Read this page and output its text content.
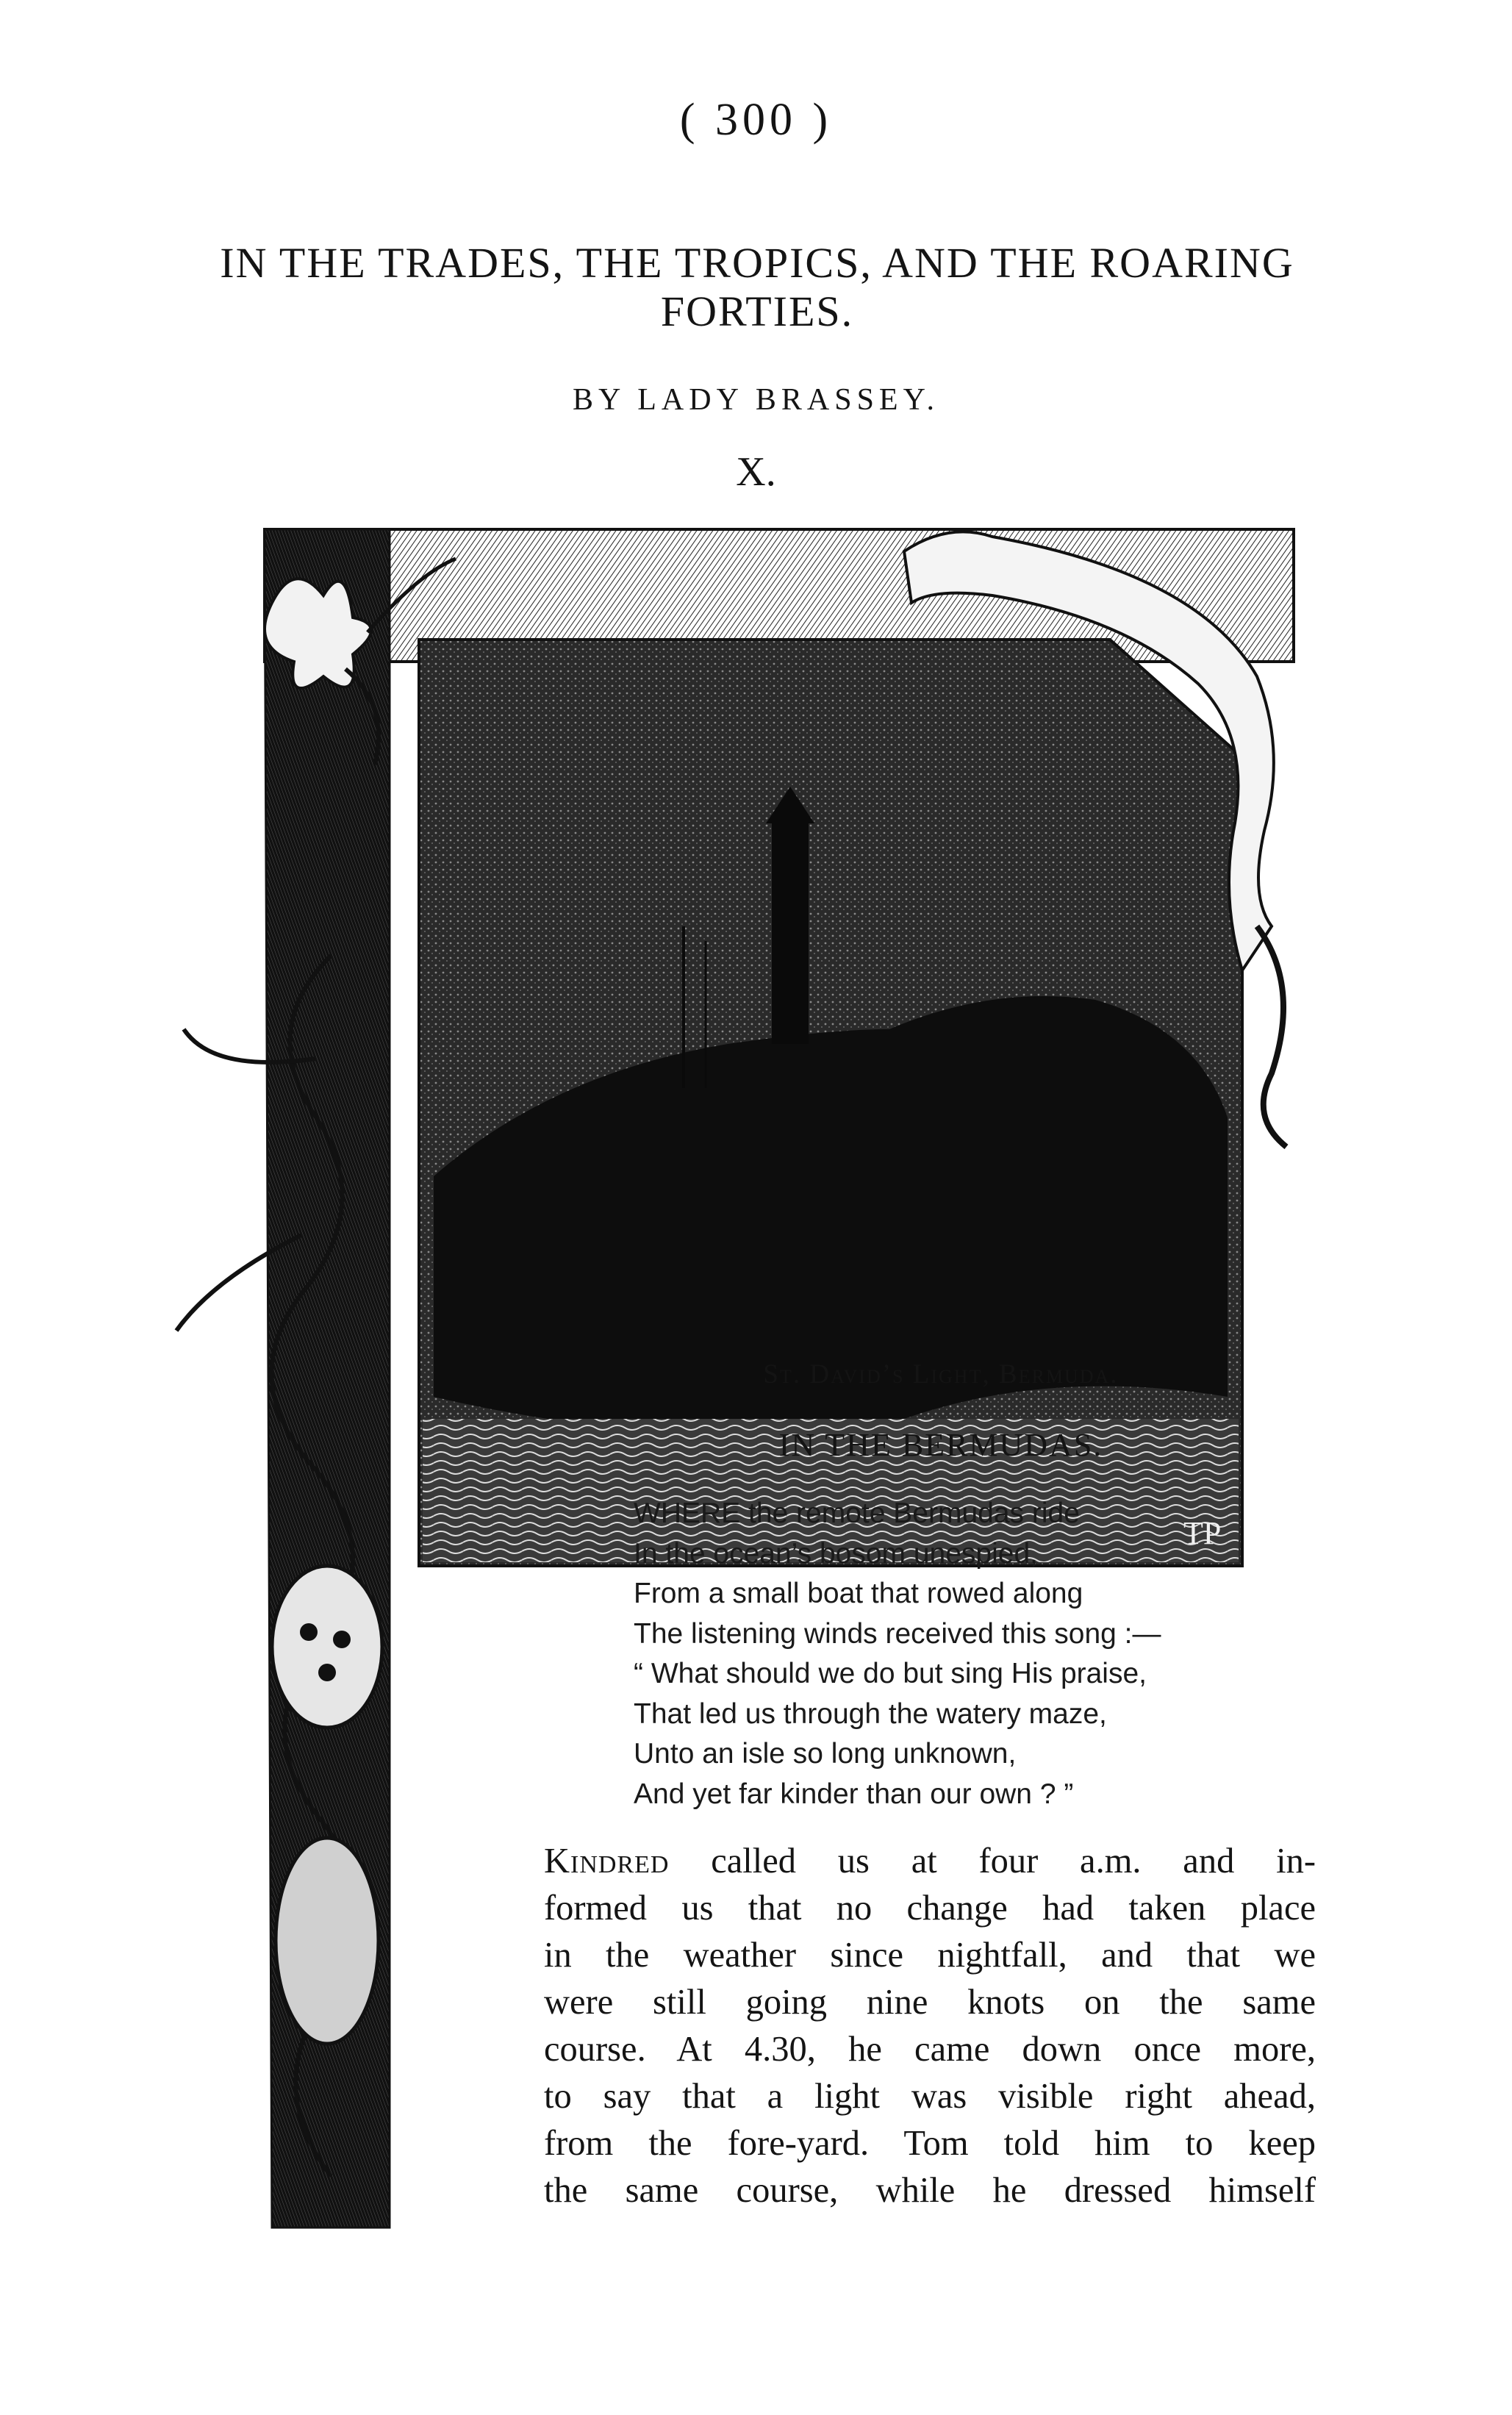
( 300 )
IN THE TRADES, THE TROPICS, AND THE ROARING FORTIES.
BY LADY BRASSEY.
X.
TP
St. David’s Light, Bermuda.
IN THE BERMUDAS.
WHERE the remote Bermudas ride
In the ocean’s bosom unespied,
From a small boat that rowed along
The listening winds received this song :—
“ What should we do but sing His praise,
That led us through the watery maze,
Unto an isle so long unknown,
And yet far kinder than our own ? ”
Kindred called us at four a.m. and in-
formed us that no change had taken place
in the weather since nightfall, and that we
were still going nine knots on the same
course. At 4.30, he came down once more,
to say that a light was visible right ahead,
from the fore-yard. Tom told him to keep
the same course, while he dressed himself
